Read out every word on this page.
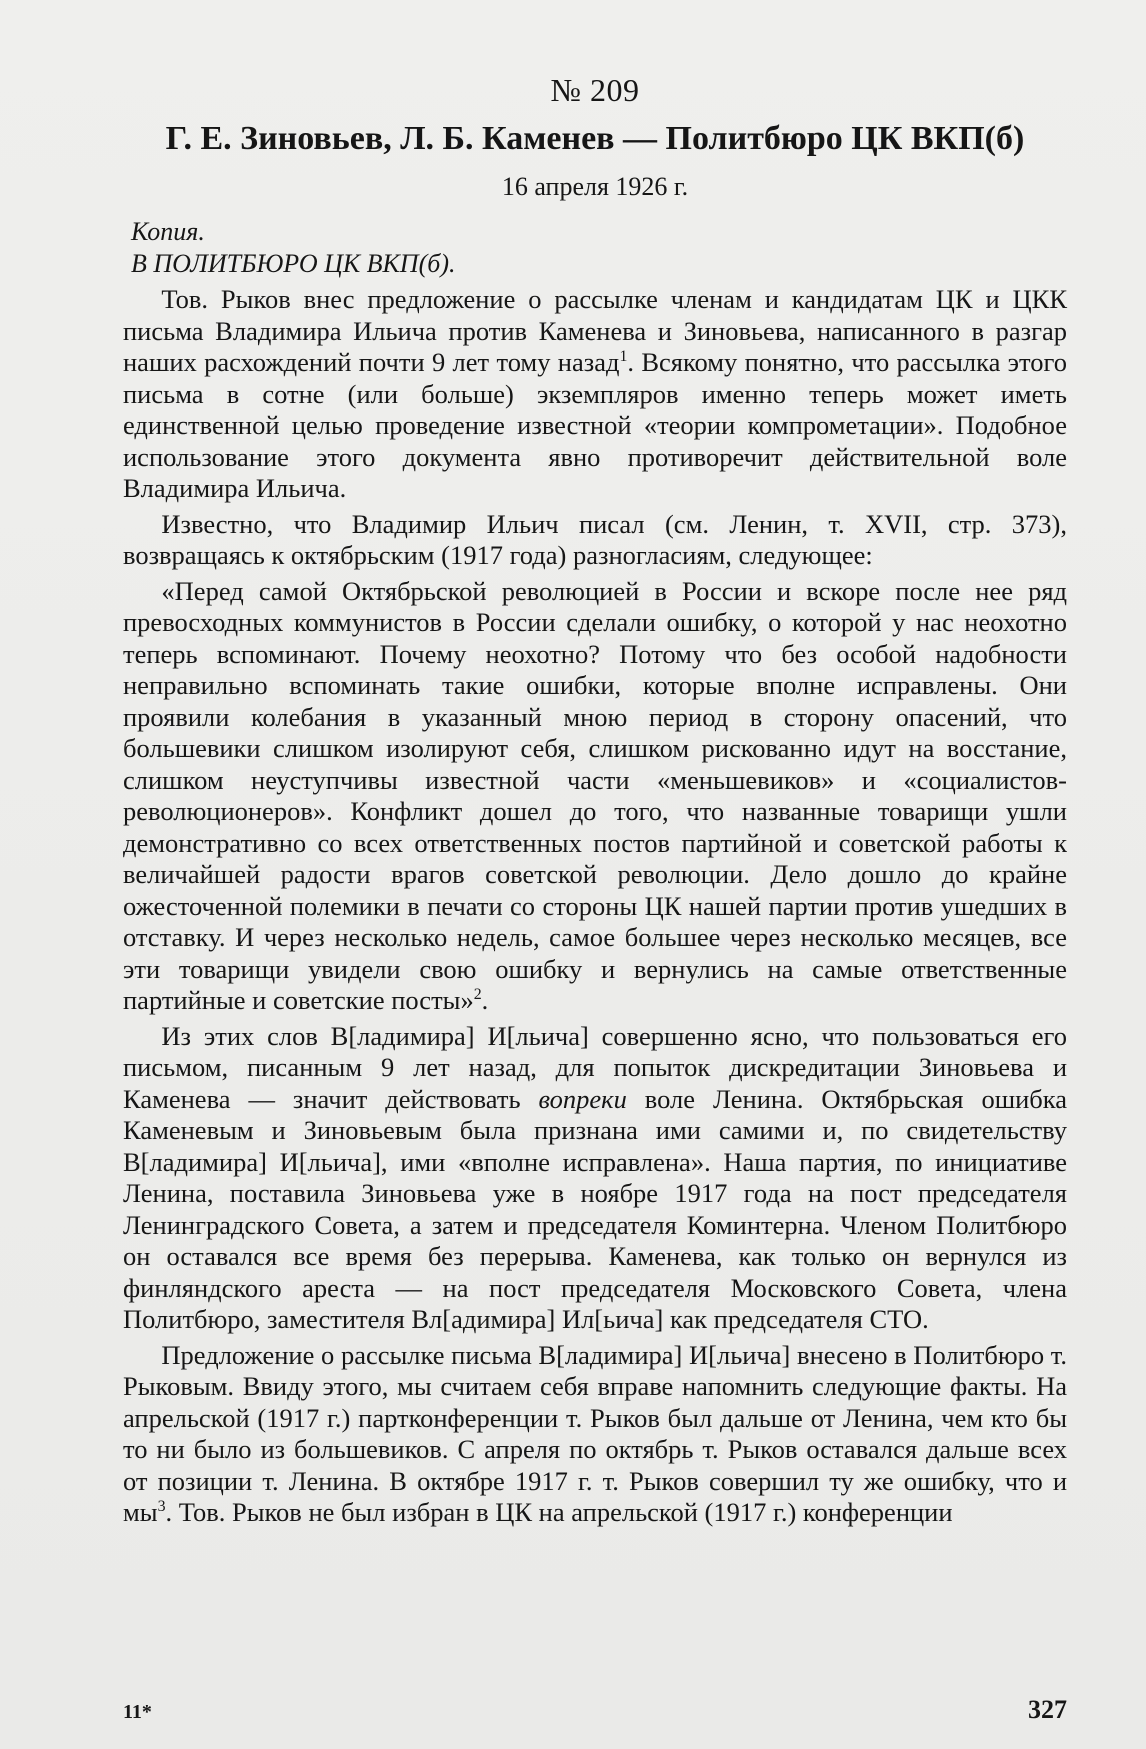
№ 209

Г. Е. Зиновьев, Л. Б. Каменев — Политбюро ЦК ВКП(б)

16 апреля 1926 г.

Копия.

В ПОЛИТБЮРО ЦК ВКП(б).

Тов. Рыков внес предложение о рассылке членам и кандидатам ЦК и ЦКК письма Владимира Ильича против Каменева и Зиновьева, написанного в разгар наших расхождений почти 9 лет тому назад$^1$. Всякому понятно, что рассылка этого письма в сотне (или больше) экземпляров именно теперь может иметь единственной целью проведение известной «теории компрометации». Подобное использование этого документа явно противоречит действительной воле Владимира Ильича.

Известно, что Владимир Ильич писал (см. Ленин, т. XVII, стр. 373), возвращаясь к октябрьским (1917 года) разногласиям, следующее:

«Перед самой Октябрьской революцией в России и вскоре после нее ряд превосходных коммунистов в России сделали ошибку, о которой у нас неохотно теперь вспоминают. Почему неохотно? Потому что без особой надобности неправильно вспоминать такие ошибки, которые вполне исправлены. Они проявили колебания в указанный мною период в сторону опасений, что большевики слишком изолируют себя, слишком рискованно идут на восстание, слишком неуступчивы известной части «меньшевиков» и «социалистов-революционеров». Конфликт дошел до того, что названные товарищи ушли демонстративно со всех ответственных постов партийной и советской работы к величайшей радости врагов советской революции. Дело дошло до крайне ожесточенной полемики в печати со стороны ЦК нашей партии против ушедших в отставку. И через несколько недель, самое большее через несколько месяцев, все эти товарищи увидели свою ошибку и вернулись на самые ответственные партийные и советские посты»$^2$.

Из этих слов В[ладимира] И[льича] совершенно ясно, что пользоваться его письмом, писанным 9 лет назад, для попыток дискредитации Зиновьева и Каменева — значит действовать вопреки воле Ленина. Октябрьская ошибка Каменевым и Зиновьевым была признана ими самими и, по свидетельству В[ладимира] И[льича], ими «вполне исправлена». Наша партия, по инициативе Ленина, поставила Зиновьева уже в ноябре 1917 года на пост председателя Ленинградского Совета, а затем и председателя Коминтерна. Членом Политбюро он оставался все время без перерыва. Каменева, как только он вернулся из финляндского ареста — на пост председателя Московского Совета, члена Политбюро, заместителя Вл[адимира] Ил[ьича] как председателя СТО.

Предложение о рассылке письма В[ладимира] И[льича] внесено в Политбюро т. Рыковым. Ввиду этого, мы считаем себя вправе напомнить следующие факты. На апрельской (1917 г.) партконференции т. Рыков был дальше от Ленина, чем кто бы то ни было из большевиков. С апреля по октябрь т. Рыков оставался дальше всех от позиции т. Ленина. В октябре 1917 г. т. Рыков совершил ту же ошибку, что и $мы^3$. Тов. Рыков не был избран в ЦК на апрельской (1917 г.) конференции

11*	327
